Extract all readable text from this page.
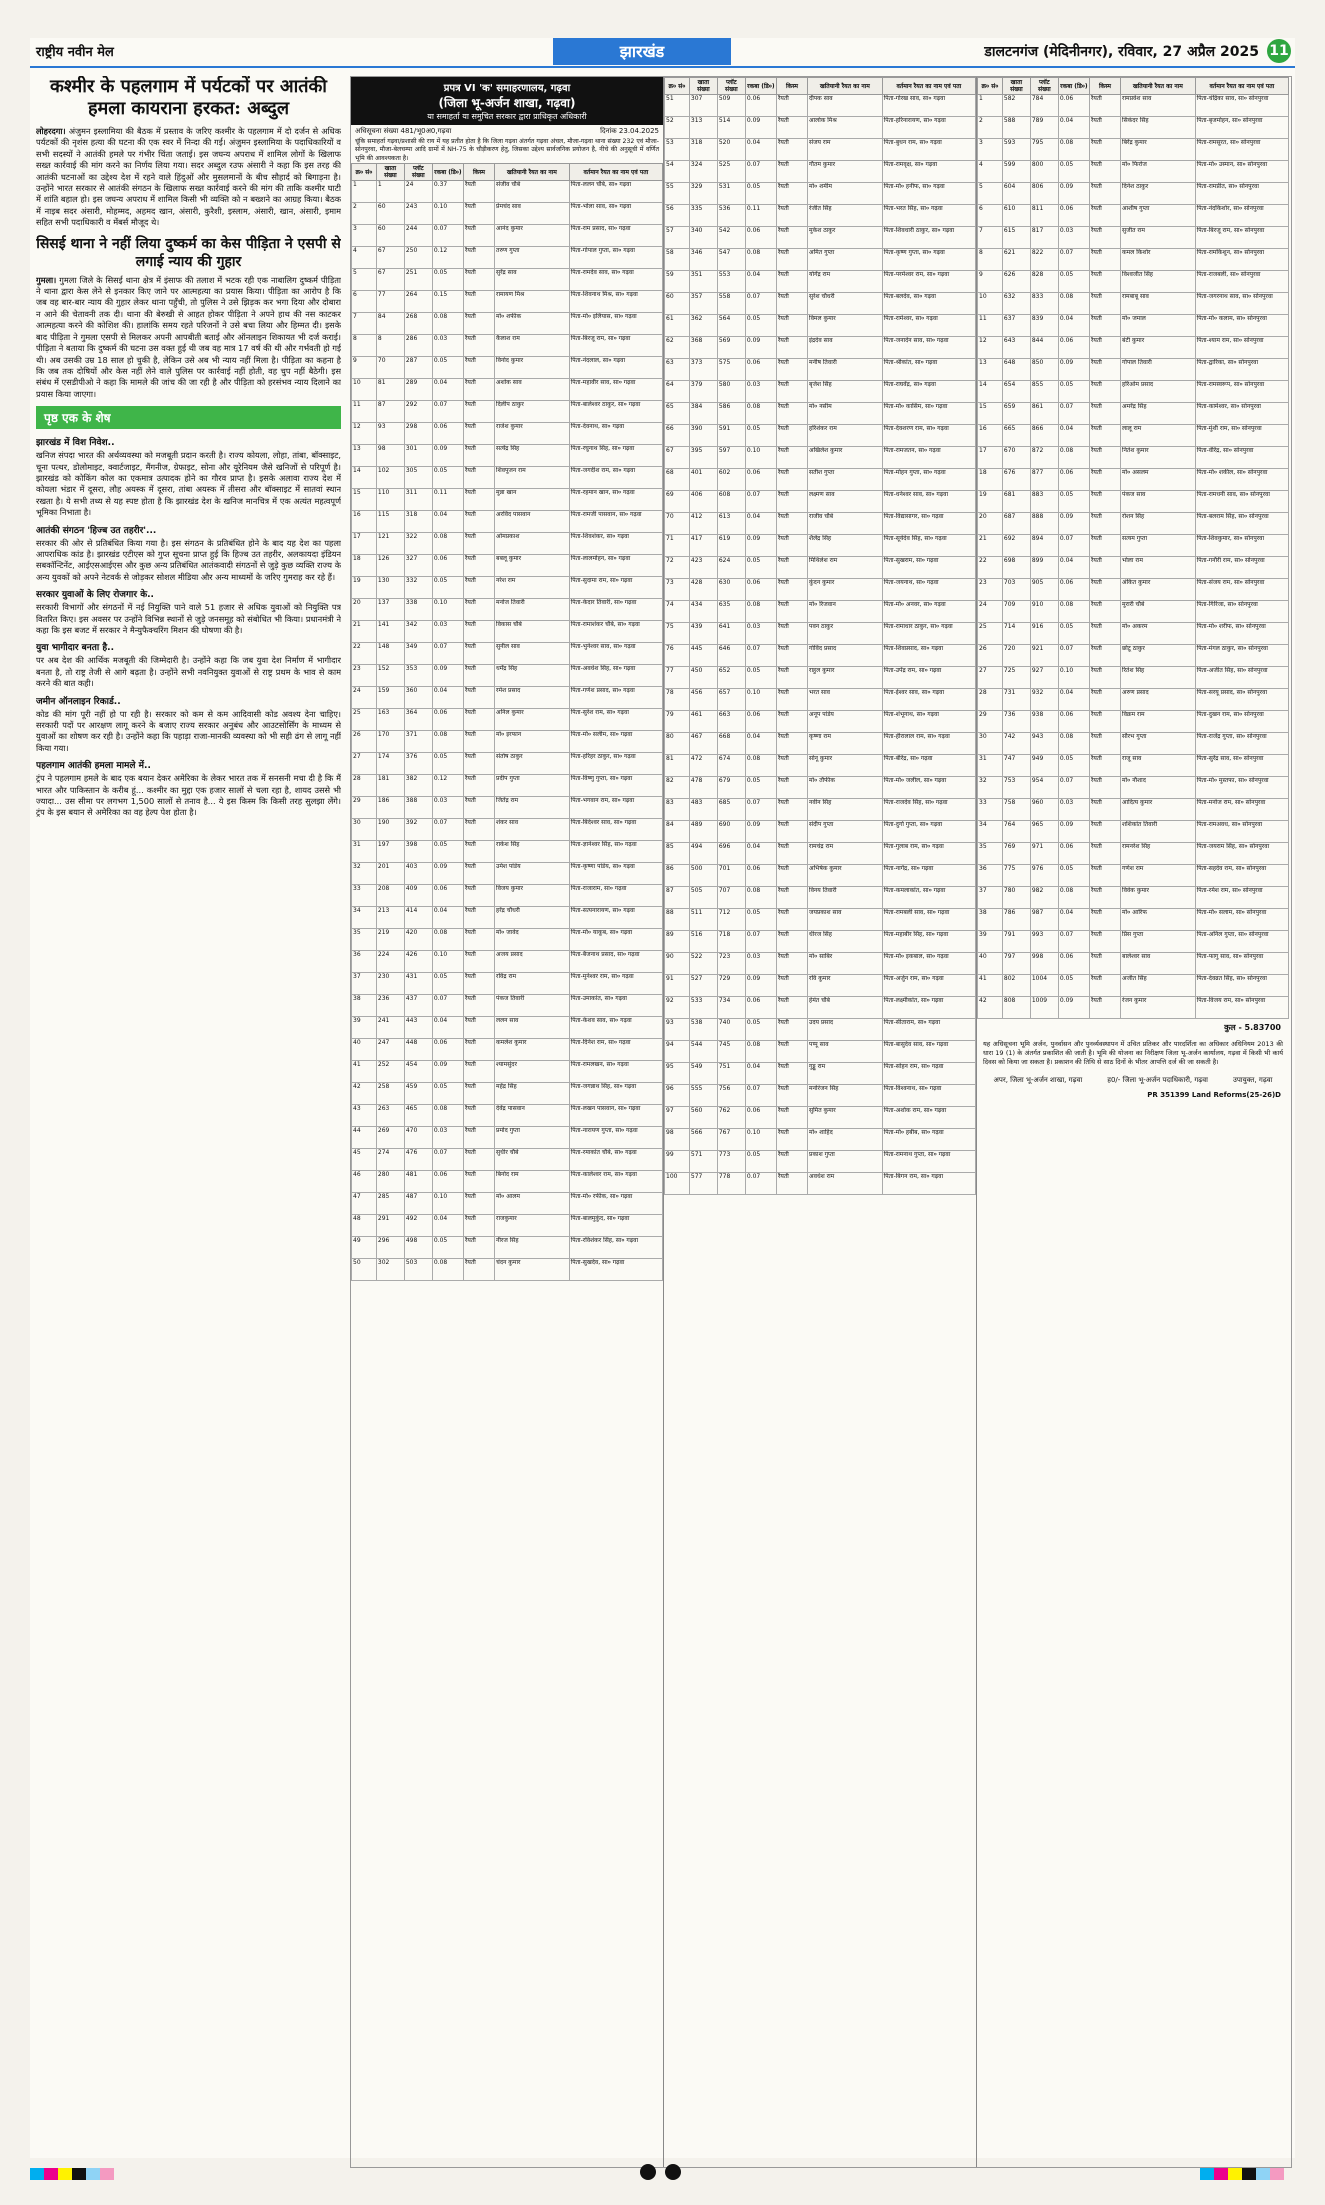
राष्ट्रीय नवीन मेल	झारखंड	डालटनगंज (मेदिनीनगर), रविवार, 27 अप्रैल 2025 11
कश्मीर के पहलगाम में पर्यटकों पर आतंकी हमला कायराना हरकत: अब्दुल

लोहरदगा। अंजुमन इस्लामिया की बैठक में प्रस्ताव के जरिए कश्मीर के पहलगाम में दो दर्जन से अधिक पर्यटकों की नृशंस हत्या की घटना की एक स्वर में निन्दा की गई। अंजुमन इस्लामिया के पदाधिकारियों व सभी सदस्यों ने आतंकी हमले पर गंभीर चिंता जताई। इस जघन्य अपराध में शामिल लोगों के खिलाफ सख्त कार्रवाई की मांग करने का निर्णय लिया गया। सदर अब्दुल रउफ अंसारी ने कहा कि इस तरह की आतंकी घटनाओं का उद्देश्य देश में रहने वाले हिंदुओं और मुसलमानों के बीच सौहार्द को बिगाड़ना है। उन्होंने भारत सरकार से आतंकी संगठन के खिलाफ सख्त कार्रवाई करने की मांग की ताकि कश्मीर घाटी में शांति बहाल हो। इस जघन्य अपराध में शामिल किसी भी व्यक्ति को न बख्शने का आग्रह किया। बैठक में नाइब सदर अंसारी, मोहम्मद, अहमद खान, अंसारी, कुरैशी, इस्लाम, अंसारी, खान, अंसारी, इमाम सहित सभी पदाधिकारी व मेंबर्स मौजूद थे।

सिसई थाना ने नहीं लिया दुष्कर्म का केस पीड़िता ने एसपी से लगाई न्याय की गुहार

गुमला। गुमला जिले के सिसई थाना क्षेत्र में इंसाफ की तलाश में भटक रही एक नाबालिग दुष्कर्म पीड़िता ने थाना द्वारा केस लेने से इनकार किए जाने पर आत्महत्या का प्रयास किया। पीड़िता का आरोप है कि जब वह बार-बार न्याय की गुहार लेकर थाना पहुँची, तो पुलिस ने उसे झिड़क कर भगा दिया और दोबारा न आने की चेतावनी तक दी। थाना की बेरुखी से आहत होकर पीड़िता ने अपने हाथ की नस काटकर आत्महत्या करने की कोशिश की। हालांकि समय रहते परिजनों ने उसे बचा लिया और हिम्मत दी। इसके बाद पीड़िता ने गुमला एसपी से मिलकर अपनी आपबीती बताई और ऑनलाइन शिकायत भी दर्ज कराई। पीड़िता ने बताया कि दुष्कर्म की घटना उस वक्त हुई थी जब वह मात्र 17 वर्ष की थी और गर्भवती हो गई थी। अब उसकी उम्र 18 साल हो चुकी है, लेकिन उसे अब भी न्याय नहीं मिला है। पीड़िता का कहना है कि जब तक दोषियों और केस नहीं लेने वाले पुलिस पर कार्रवाई नहीं होती, वह चुप नहीं बैठेगी। इस संबंध में एसडीपीओ ने कहा कि मामले की जांच की जा रही है और पीड़िता को हरसंभव न्याय दिलाने का प्रयास किया जाएगा।

पृष्ठ एक के शेष
झारखंड में विश निवेश..

खनिज संपदा भारत की अर्थव्यवस्था को मजबूती प्रदान करती है। राज्य कोयला, लोहा, तांबा, बॉक्साइट, चूना पत्थर, डोलोमाइट, क्वार्टजाइट, मैंगनीज, ग्रेफाइट, सोना और यूरेनियम जैसे खनिजों से परिपूर्ण है। झारखंड को कोकिंग कोल का एकमात्र उत्पादक होने का गौरव प्राप्त है। इसके अलावा राज्य देश में कोयला भंडार में दूसरा, लौह अयस्क में दूसरा, तांबा अयस्क में तीसरा और बॉक्साइट में सातवां स्थान रखता है। ये सभी तथ्य से यह स्पष्ट होता है कि झारखंड देश के खनिज मानचित्र में एक अत्यंत महत्वपूर्ण भूमिका निभाता है।

आतंकी संगठन 'हिज्ब उत तहरीर'...

सरकार की ओर से प्रतिबंधित किया गया है। इस संगठन के प्रतिबंधित होने के बाद यह देश का पहला आपराधिक कांड है। झारखंड एटीएस को गुप्त सूचना प्राप्त हुई कि हिज्ब उत तहरीर, अलकायदा इंडियन सबकॉन्टिनेंट, आईएसआईएस और कुछ अन्य प्रतिबंधित आतंकवादी संगठनों से जुड़े कुछ व्यक्ति राज्य के अन्य युवकों को अपने नेटवर्क से जोड़कर सोशल मीडिया और अन्य माध्यमों के जरिए गुमराह कर रहे हैं।

सरकार युवाओं के लिए रोजगार के..

सरकारी विभागों और संगठनों में नई नियुक्ति पाने वाले 51 हजार से अधिक युवाओं को नियुक्ति पत्र वितरित किए। इस अवसर पर उन्होंने विभिन्न स्थानों से जुड़े जनसमूह को संबोधित भी किया। प्रधानमंत्री ने कहा कि इस बजट में सरकार ने मैन्युफैक्चरिंग मिशन की घोषणा की है।

युवा भागीदार बनता है..

पर अब देश की आर्थिक मजबूती की जिम्मेदारी है। उन्होंने कहा कि जब युवा देश निर्माण में भागीदार बनता है, तो राष्ट्र तेजी से आगे बढ़ता है। उन्होंने सभी नवनियुक्त युवाओं से राष्ट्र प्रथम के भाव से काम करने की बात कही।

जमीन ऑनलाइन रिकार्ड..

कोड की मांग पूरी नहीं हो पा रही है। सरकार को कम से कम आदिवासी कोड अवश्य देना चाहिए। सरकारी पदों पर आरक्षण लागू करने के बजाए राज्य सरकार अनुबंध और आउटसोर्सिंग के माध्यम से युवाओं का शोषण कर रही है। उन्होंने कहा कि पहाड़ा राजा-मानकी व्यवस्था को भी सही ढंग से लागू नहीं किया गया।

पहलगाम आतंकी हमला मामले में..

ट्रंप ने पहलगाम हमले के बाद एक बयान देकर अमेरिका के लेकर भारत तक में सनसनी मचा दी है कि मैं भारत और पाकिस्तान के करीब हूं... कश्मीर का मुद्दा एक हजार सालों से चला रहा है, शायद उससे भी ज्यादा... उस सीमा पर लगभग 1,500 सालों से तनाव है... ये इस किस्म कि किसी तरह सुलझा लेंगे। ट्रंप के इस बयान से अमेरिका का वह हेल्प पेश होता है।

प्रपत्र VI 'क' समाहरणालय, गढ़वा
(जिला भू-अर्जन शाखा, गढ़वा)
या समाहर्ता या समुचित सरकार द्वारा प्राधिकृत अधिकारी
अधिसूचना संख्या 481/भू0अ0,गढ़वा	दिनांक 23.04.2025
चूंकि समाहर्ता गढ़वा/प्रशासी की राय में यह प्रतीत होता है कि जिला गढ़वा अंतर्गत गढ़वा अंचल, मौजा-गढ़वा थाना संख्या 232 एवं मौजा-सोनपुरवा, मौजा-बेलचम्पा आदि ग्रामों में NH-75 के चौड़ीकरण हेतु, जिसका उद्देश्य सार्वजनिक प्रयोजन है, नीचे की अनुसूची में वर्णित भूमि की आवश्यकता है।
क्र० सं०	खाता संख्या	प्लॉट संख्या	रकबा (डि०)	किस्म	खतियानी रैयत का नाम	वर्तमान रैयत का नाम एवं पता
1	1	24	0.37	रैयती	संजीव चौबे	पिता-ललन चौबे, सा० गढ़वा
2	60	243	0.10	रैयती	प्रेमचंद साव	पिता-भोला साव, सा० गढ़वा
3	60	244	0.07	रैयती	आनंद कुमार	पिता-राम प्रसाद, सा० गढ़वा
4	67	250	0.12	रैयती	तरुण गुप्ता	पिता-गोपाल गुप्ता, सा० गढ़वा
5	67	251	0.05	रैयती	सुरेंद्र साव	पिता-रामदेव साव, सा० गढ़वा
6	77	264	0.15	रैयती	रामायण मिश्र	पिता-शिवनाथ मिश्र, सा० गढ़वा
7	84	268	0.08	रैयती	मो० शफीक	पिता-मो० इलियास, सा० गढ़वा
8	8	286	0.03	रैयती	कैलाश राम	पिता-बिरजू राम, सा० गढ़वा
9	70	287	0.05	रैयती	विनोद कुमार	पिता-नंदलाल, सा० गढ़वा
10	81	289	0.04	रैयती	अशोक साव	पिता-महावीर साव, सा० गढ़वा
11	87	292	0.07	रैयती	दिलीप ठाकुर	पिता-बालेश्वर ठाकुर, सा० गढ़वा
12	93	298	0.06	रैयती	राजेश कुमार	पिता-देवनाथ, सा० गढ़वा
13	98	301	0.09	रैयती	सत्येंद्र सिंह	पिता-रघुनाथ सिंह, सा० गढ़वा
14	102	305	0.05	रैयती	शिवपूजन राम	पिता-जगदीश राम, सा० गढ़वा
15	110	311	0.11	रैयती	मुन्ना खान	पिता-रहमान खान, सा० गढ़वा
16	115	318	0.04	रैयती	अरविंद पासवान	पिता-रामजी पासवान, सा० गढ़वा
17	121	322	0.08	रैयती	ओमप्रकाश	पिता-शिवशंकर, सा० गढ़वा
18	126	327	0.06	रैयती	बबलू कुमार	पिता-लालमोहन, सा० गढ़वा
19	130	332	0.05	रैयती	नरेश राम	पिता-सुदामा राम, सा० गढ़वा
20	137	338	0.10	रैयती	मनोज तिवारी	पिता-केदार तिवारी, सा० गढ़वा
21	141	342	0.03	रैयती	विकास चौबे	पिता-रामाशंकर चौबे, सा० गढ़वा
22	148	349	0.07	रैयती	सुनील साव	पिता-भुनेश्वर साव, सा० गढ़वा
23	152	353	0.09	रैयती	धर्मेंद्र सिंह	पिता-अवधेश सिंह, सा० गढ़वा
24	159	360	0.04	रैयती	रमेश प्रसाद	पिता-गणेश प्रसाद, सा० गढ़वा
25	163	364	0.06	रैयती	अनिल कुमार	पिता-सुरेश राम, सा० गढ़वा
26	170	371	0.08	रैयती	मो० इरफान	पिता-मो० सलीम, सा० गढ़वा
27	174	376	0.05	रैयती	संतोष ठाकुर	पिता-हरिहर ठाकुर, सा० गढ़वा
28	181	382	0.12	रैयती	प्रदीप गुप्ता	पिता-विष्णु गुप्ता, सा० गढ़वा
29	186	388	0.03	रैयती	जितेंद्र राम	पिता-भगवान राम, सा० गढ़वा
30	190	392	0.07	रैयती	शंकर साव	पिता-बिंदेश्वर साव, सा० गढ़वा
31	197	398	0.05	रैयती	राकेश सिंह	पिता-ज्ञानेश्वर सिंह, सा० गढ़वा
32	201	403	0.09	रैयती	उमेश पांडेय	पिता-कृष्णा पांडेय, सा० गढ़वा
33	208	409	0.06	रैयती	विजय कुमार	पिता-राजाराम, सा० गढ़वा
34	213	414	0.04	रैयती	हरेंद्र चौधरी	पिता-सत्यनारायण, सा० गढ़वा
35	219	420	0.08	रैयती	मो० जावेद	पिता-मो० याकूब, सा० गढ़वा
36	224	426	0.10	रैयती	अजय प्रसाद	पिता-बैजनाथ प्रसाद, सा० गढ़वा
37	230	431	0.05	रैयती	रविंद्र राम	पिता-मुनेश्वर राम, सा० गढ़वा
38	236	437	0.07	रैयती	पंकज तिवारी	पिता-उमाकांत, सा० गढ़वा
39	241	443	0.04	रैयती	ललन साव	पिता-केशव साव, सा० गढ़वा
40	247	448	0.06	रैयती	कमलेश कुमार	पिता-दिनेश राम, सा० गढ़वा
41	252	454	0.09	रैयती	श्यामसुंदर	पिता-रामलखन, सा० गढ़वा
42	258	459	0.05	रैयती	महेंद्र सिंह	पिता-जगन्नाथ सिंह, सा० गढ़वा
43	263	465	0.08	रैयती	देवेंद्र पासवान	पिता-लखन पासवान, सा० गढ़वा
44	269	470	0.03	रैयती	प्रमोद गुप्ता	पिता-नारायण गुप्ता, सा० गढ़वा
45	274	476	0.07	रैयती	सुधीर चौबे	पिता-रमाकांत चौबे, सा० गढ़वा
46	280	481	0.06	रैयती	बिनोद राम	पिता-कालेश्वर राम, सा० गढ़वा
47	285	487	0.10	रैयती	मो० आलम	पिता-मो० रफीक, सा० गढ़वा
48	291	492	0.04	रैयती	राजकुमार	पिता-बालमुकुंद, सा० गढ़वा
49	296	498	0.05	रैयती	नीरज सिंह	पिता-रविशंकर सिंह, सा० गढ़वा
50	302	503	0.08	रैयती	चंदन कुमार	पिता-सुखदेव, सा० गढ़वा
क्र० सं०	खाता संख्या	प्लॉट संख्या	रकबा (डि०)	किस्म	खतियानी रैयत का नाम	वर्तमान रैयत का नाम एवं पता
51	307	509	0.06	रैयती	दीपक साव	पिता-गोरख साव, सा० गढ़वा
52	313	514	0.09	रैयती	आलोक मिश्र	पिता-हरिनारायण, सा० गढ़वा
53	318	520	0.04	रैयती	संजय राम	पिता-बुधन राम, सा० गढ़वा
54	324	525	0.07	रैयती	गौतम कुमार	पिता-रामवृक्ष, सा० गढ़वा
55	329	531	0.05	रैयती	मो० शमीम	पिता-मो० हनीफ, सा० गढ़वा
56	335	536	0.11	रैयती	रंजीत सिंह	पिता-भरत सिंह, सा० गढ़वा
57	340	542	0.06	रैयती	मुकेश ठाकुर	पिता-शिवधारी ठाकुर, सा० गढ़वा
58	346	547	0.08	रैयती	अमित गुप्ता	पिता-कृष्ण गुप्ता, सा० गढ़वा
59	351	553	0.04	रैयती	योगेंद्र राम	पिता-परमेश्वर राम, सा० गढ़वा
60	357	558	0.07	रैयती	सुरेश चौधरी	पिता-बलदेव, सा० गढ़वा
61	362	564	0.05	रैयती	विमल कुमार	पिता-रामेश्वर, सा० गढ़वा
62	368	569	0.09	रैयती	इंद्रदेव साव	पिता-जनार्दन साव, सा० गढ़वा
63	373	575	0.06	रैयती	मनीष तिवारी	पिता-श्रीकांत, सा० गढ़वा
64	379	580	0.03	रैयती	बृजेश सिंह	पिता-राघवेंद्र, सा० गढ़वा
65	384	586	0.08	रैयती	मो० नसीम	पिता-मो० कासिम, सा० गढ़वा
66	390	591	0.05	रैयती	हरिशंकर राम	पिता-देवशरण राम, सा० गढ़वा
67	395	597	0.10	रैयती	अखिलेश कुमार	पिता-रामजतन, सा० गढ़वा
68	401	602	0.06	रैयती	सतीश गुप्ता	पिता-मोहन गुप्ता, सा० गढ़वा
69	406	608	0.07	रैयती	लक्ष्मण साव	पिता-धनेश्वर साव, सा० गढ़वा
70	412	613	0.04	रैयती	राजीव चौबे	पिता-विद्यासागर, सा० गढ़वा
71	417	619	0.09	रैयती	शैलेंद्र सिंह	पिता-सूर्यदेव सिंह, सा० गढ़वा
72	423	624	0.05	रैयती	मिथिलेश राम	पिता-सुखराम, सा० गढ़वा
73	428	630	0.06	रैयती	कुंदन कुमार	पिता-जयनाथ, सा० गढ़वा
74	434	635	0.08	रैयती	मो० रिजवान	पिता-मो० अनवर, सा० गढ़वा
75	439	641	0.03	रैयती	पवन ठाकुर	पिता-रामाधार ठाकुर, सा० गढ़वा
76	445	646	0.07	रैयती	गोविंद प्रसाद	पिता-शिवप्रसाद, सा० गढ़वा
77	450	652	0.05	रैयती	राहुल कुमार	पिता-उपेंद्र राम, सा० गढ़वा
78	456	657	0.10	रैयती	भरत साव	पिता-ईश्वर साव, सा० गढ़वा
79	461	663	0.06	रैयती	अनूप पांडेय	पिता-शंभूनाथ, सा० गढ़वा
80	467	668	0.04	रैयती	कृष्णा राम	पिता-हीरालाल राम, सा० गढ़वा
81	472	674	0.08	रैयती	सोनू कुमार	पिता-बीरेंद्र, सा० गढ़वा
82	478	679	0.05	रैयती	मो० तौफीक	पिता-मो० जलील, सा० गढ़वा
83	483	685	0.07	रैयती	नवीन सिंह	पिता-राजदेव सिंह, सा० गढ़वा
84	489	690	0.09	रैयती	संदीप गुप्ता	पिता-दुर्गा गुप्ता, सा० गढ़वा
85	494	696	0.04	रैयती	रामचंद्र राम	पिता-गुलाब राम, सा० गढ़वा
86	500	701	0.06	रैयती	अभिषेक कुमार	पिता-नागेंद्र, सा० गढ़वा
87	505	707	0.08	रैयती	विनय तिवारी	पिता-कमलाकांत, सा० गढ़वा
88	511	712	0.05	रैयती	जयप्रकाश साव	पिता-रामबली साव, सा० गढ़वा
89	516	718	0.07	रैयती	धीरज सिंह	पिता-महाबीर सिंह, सा० गढ़वा
90	522	723	0.03	रैयती	मो० साबिर	पिता-मो० इकबाल, सा० गढ़वा
91	527	729	0.09	रैयती	रवि कुमार	पिता-अर्जुन राम, सा० गढ़वा
92	533	734	0.06	रैयती	हेमंत चौबे	पिता-लक्ष्मीकांत, सा० गढ़वा
93	538	740	0.05	रैयती	उदय प्रसाद	पिता-सीताराम, सा० गढ़वा
94	544	745	0.08	रैयती	पप्पू साव	पिता-बासुदेव साव, सा० गढ़वा
95	549	751	0.04	रैयती	गुड्डू राम	पिता-सोहन राम, सा० गढ़वा
96	555	756	0.07	रैयती	मनोरंजन सिंह	पिता-विश्वनाथ, सा० गढ़वा
97	560	762	0.06	रैयती	सुमित कुमार	पिता-अशोक राम, सा० गढ़वा
98	566	767	0.10	रैयती	मो० शाहिद	पिता-मो० हबीब, सा० गढ़वा
99	571	773	0.05	रैयती	प्रकाश गुप्ता	पिता-रामनाथ गुप्ता, सा० गढ़वा
100	577	778	0.07	रैयती	अवधेश राम	पिता-बिगन राम, सा० गढ़वा
क्र० सं०	खाता संख्या	प्लॉट संख्या	रकबा (डि०)	किस्म	खतियानी रैयत का नाम	वर्तमान रैयत का नाम एवं पता
1	582	784	0.06	रैयती	रामप्रवेश साव	पिता-चंद्रिका साव, सा० सोनपुरवा
2	588	789	0.04	रैयती	सिकंदर सिंह	पिता-बृजमोहन, सा० सोनपुरवा
3	593	795	0.08	रैयती	बिरेंद्र कुमार	पिता-रामसूरत, सा० सोनपुरवा
4	599	800	0.05	रैयती	मो० फिरोज	पिता-मो० उस्मान, सा० सोनपुरवा
5	604	806	0.09	रैयती	दिनेश ठाकुर	पिता-रामप्रीत, सा० सोनपुरवा
6	610	811	0.06	रैयती	आशीष गुप्ता	पिता-नंदकिशोर, सा० सोनपुरवा
7	615	817	0.03	रैयती	सुजीत राम	पिता-बिरजू राम, सा० सोनपुरवा
8	621	822	0.07	रैयती	कमल किशोर	पिता-रामकिशुन, सा० सोनपुरवा
9	626	828	0.05	रैयती	विश्वजीत सिंह	पिता-राजबली, सा० सोनपुरवा
10	632	833	0.08	रैयती	रामबाबू साव	पिता-जगरनाथ साव, सा० सोनपुरवा
11	637	839	0.04	रैयती	मो० जमाल	पिता-मो० कलाम, सा० सोनपुरवा
12	643	844	0.06	रैयती	बंटी कुमार	पिता-श्याम राम, सा० सोनपुरवा
13	648	850	0.09	रैयती	गोपाल तिवारी	पिता-द्वारिका, सा० सोनपुरवा
14	654	855	0.05	रैयती	हरिओम प्रसाद	पिता-रामस्वरूप, सा० सोनपुरवा
15	659	861	0.07	रैयती	अमरेंद्र सिंह	पिता-कामेश्वर, सा० सोनपुरवा
16	665	866	0.04	रैयती	लालू राम	पिता-मुंशी राम, सा० सोनपुरवा
17	670	872	0.08	रैयती	नितेश कुमार	पिता-वीरेंद्र, सा० सोनपुरवा
18	676	877	0.06	रैयती	मो० असलम	पिता-मो० शकील, सा० सोनपुरवा
19	681	883	0.05	रैयती	पंकज साव	पिता-रामधनी साव, सा० सोनपुरवा
20	687	888	0.09	रैयती	रोशन सिंह	पिता-बलराम सिंह, सा० सोनपुरवा
21	692	894	0.07	रैयती	सत्यम गुप्ता	पिता-शिवकुमार, सा० सोनपुरवा
22	698	899	0.04	रैयती	भोला राम	पिता-गनौरी राम, सा० सोनपुरवा
23	703	905	0.06	रैयती	अंकित कुमार	पिता-संजय राम, सा० सोनपुरवा
24	709	910	0.08	रैयती	मुरारी चौबे	पिता-गिरिजा, सा० सोनपुरवा
25	714	916	0.05	रैयती	मो० अकरम	पिता-मो० शरीफ, सा० सोनपुरवा
26	720	921	0.07	रैयती	छोटू ठाकुर	पिता-मंगल ठाकुर, सा० सोनपुरवा
27	725	927	0.10	रैयती	रितेश सिंह	पिता-अजीत सिंह, सा० सोनपुरवा
28	731	932	0.04	रैयती	अरुण प्रसाद	पिता-सरयू प्रसाद, सा० सोनपुरवा
29	736	938	0.06	रैयती	विक्रम राम	पिता-दुखन राम, सा० सोनपुरवा
30	742	943	0.08	रैयती	सौरभ गुप्ता	पिता-राजेंद्र गुप्ता, सा० सोनपुरवा
31	747	949	0.05	रैयती	राजू साव	पिता-सुरेंद्र साव, सा० सोनपुरवा
32	753	954	0.07	रैयती	मो० नौशाद	पिता-मो० मुस्तफा, सा० सोनपुरवा
33	758	960	0.03	रैयती	आदित्य कुमार	पिता-मनोज राम, सा० सोनपुरवा
34	764	965	0.09	रैयती	शशिकांत तिवारी	पिता-रामअवध, सा० सोनपुरवा
35	769	971	0.06	रैयती	रामनरेश सिंह	पिता-जयराम सिंह, सा० सोनपुरवा
36	775	976	0.05	रैयती	गणेश राम	पिता-सहदेव राम, सा० सोनपुरवा
37	780	982	0.08	रैयती	विवेक कुमार	पिता-रमेश राम, सा० सोनपुरवा
38	786	987	0.04	रैयती	मो० आरिफ	पिता-मो० सलाम, सा० सोनपुरवा
39	791	993	0.07	रैयती	प्रिंस गुप्ता	पिता-अनिल गुप्ता, सा० सोनपुरवा
40	797	998	0.06	रैयती	बालेश्वर साव	पिता-फागु साव, सा० सोनपुरवा
41	802	1004	0.05	रैयती	अजीत सिंह	पिता-देवव्रत सिंह, सा० सोनपुरवा
42	808	1009	0.09	रैयती	रंजन कुमार	पिता-विजय राम, सा० सोनपुरवा
कुल - 5.83700
यह अधिसूचना भूमि अर्जन, पुनर्वासन और पुनर्व्यवस्थापन में उचित प्रतिकर और पारदर्शिता का अधिकार अधिनियम 2013 की धारा 19 (1) के अंतर्गत प्रकाशित की जाती है। भूमि की योजना का निरीक्षण जिला भू-अर्जन कार्यालय, गढ़वा में किसी भी कार्य दिवस को किया जा सकता है। प्रकाशन की तिथि से साठ दिनों के भीतर आपत्ति दर्ज की जा सकती है।
अपर, जिला भू-अर्जन शाखा, गढ़वा	ह0/- जिला भू-अर्जन पदाधिकारी, गढ़वा	उपायुक्त, गढ़वा
PR 351399 Land Reforms(25-26)D
